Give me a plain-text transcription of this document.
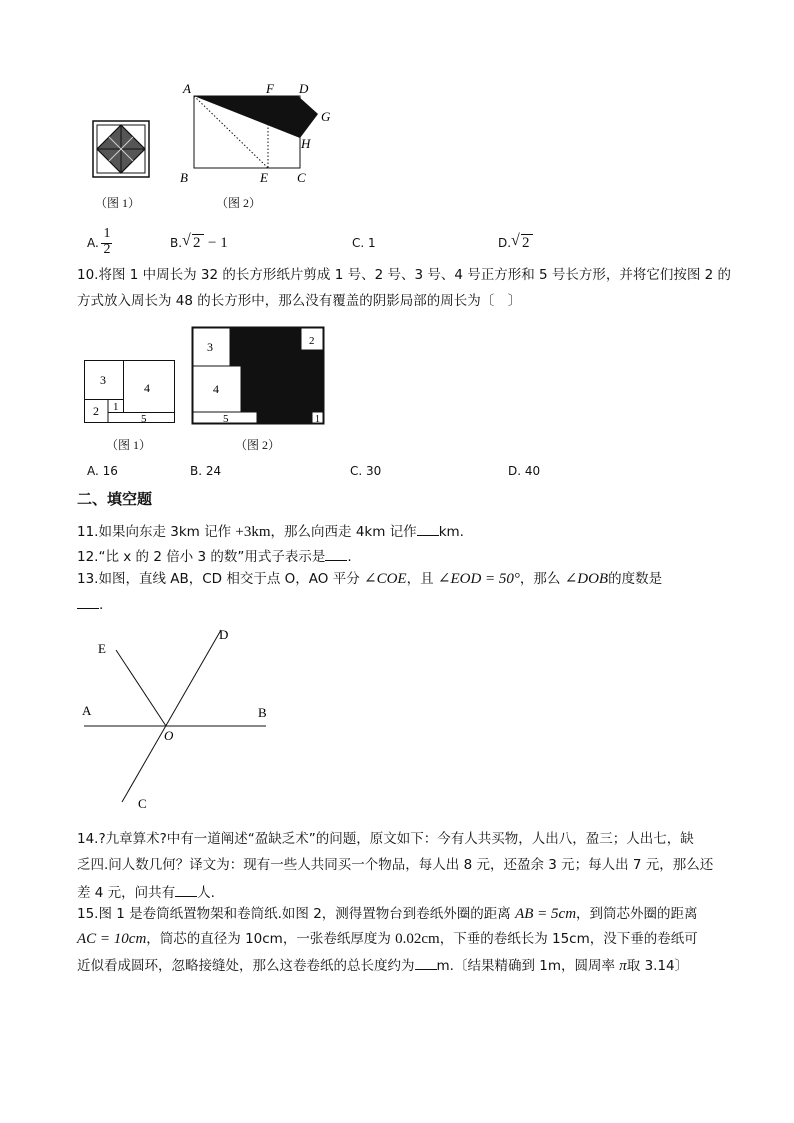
（图 1）
A	F D
G
H
B	E C
（图 2）
A.
1
2	B. √ 2 − 1	C. 1	D. √ 2
10.将图 1 中周长为 32 的长方形纸片剪成 1 号、2 号、3 号、4 号正方形和 5 号长方形，并将它们按图 2 的
方式放入周长为 48 的长方形中，那么没有覆盖的阴影局部的周长为〔　〕
3
4
2 1
5
（图 1）
3
4
5
2
1
（图 2）
A. 16	B. 24	C. 30	D. 40
二、填空题
11.如果向东走 3km 记作 +3km，那么向西走 4km 记作 km.
12.“比 x 的 2 倍小 3 的数”用式子表示是 .
13.如图，直线 AB，CD 相交于点 O，AO 平分 ∠COE，且 ∠EOD = 50°，那么 ∠DOB的度数是
.
E
D
A	B
O
C
14.?九章算术?中有一道阐述“盈缺乏术”的问题，原文如下：今有人共买物，人出八，盈三；人出七，缺
乏四.问人数几何？译文为：现有一些人共同买一个物品，每人出 8 元，还盈余 3 元；每人出 7 元，那么还
差 4 元，问共有 人.
15.图 1 是卷筒纸置物架和卷筒纸.如图 2，测得置物台到卷纸外圈的距离 AB = 5cm，到筒芯外圈的距离
AC = 10cm，筒芯的直径为 10cm，一张卷纸厚度为 0.02cm，下垂的卷纸长为 15cm，没下垂的卷纸可
近似看成圆环，忽略接缝处，那么这卷卷纸的总长度约为 m.〔结果精确到 1m，圆周率 π取 3.14〕
